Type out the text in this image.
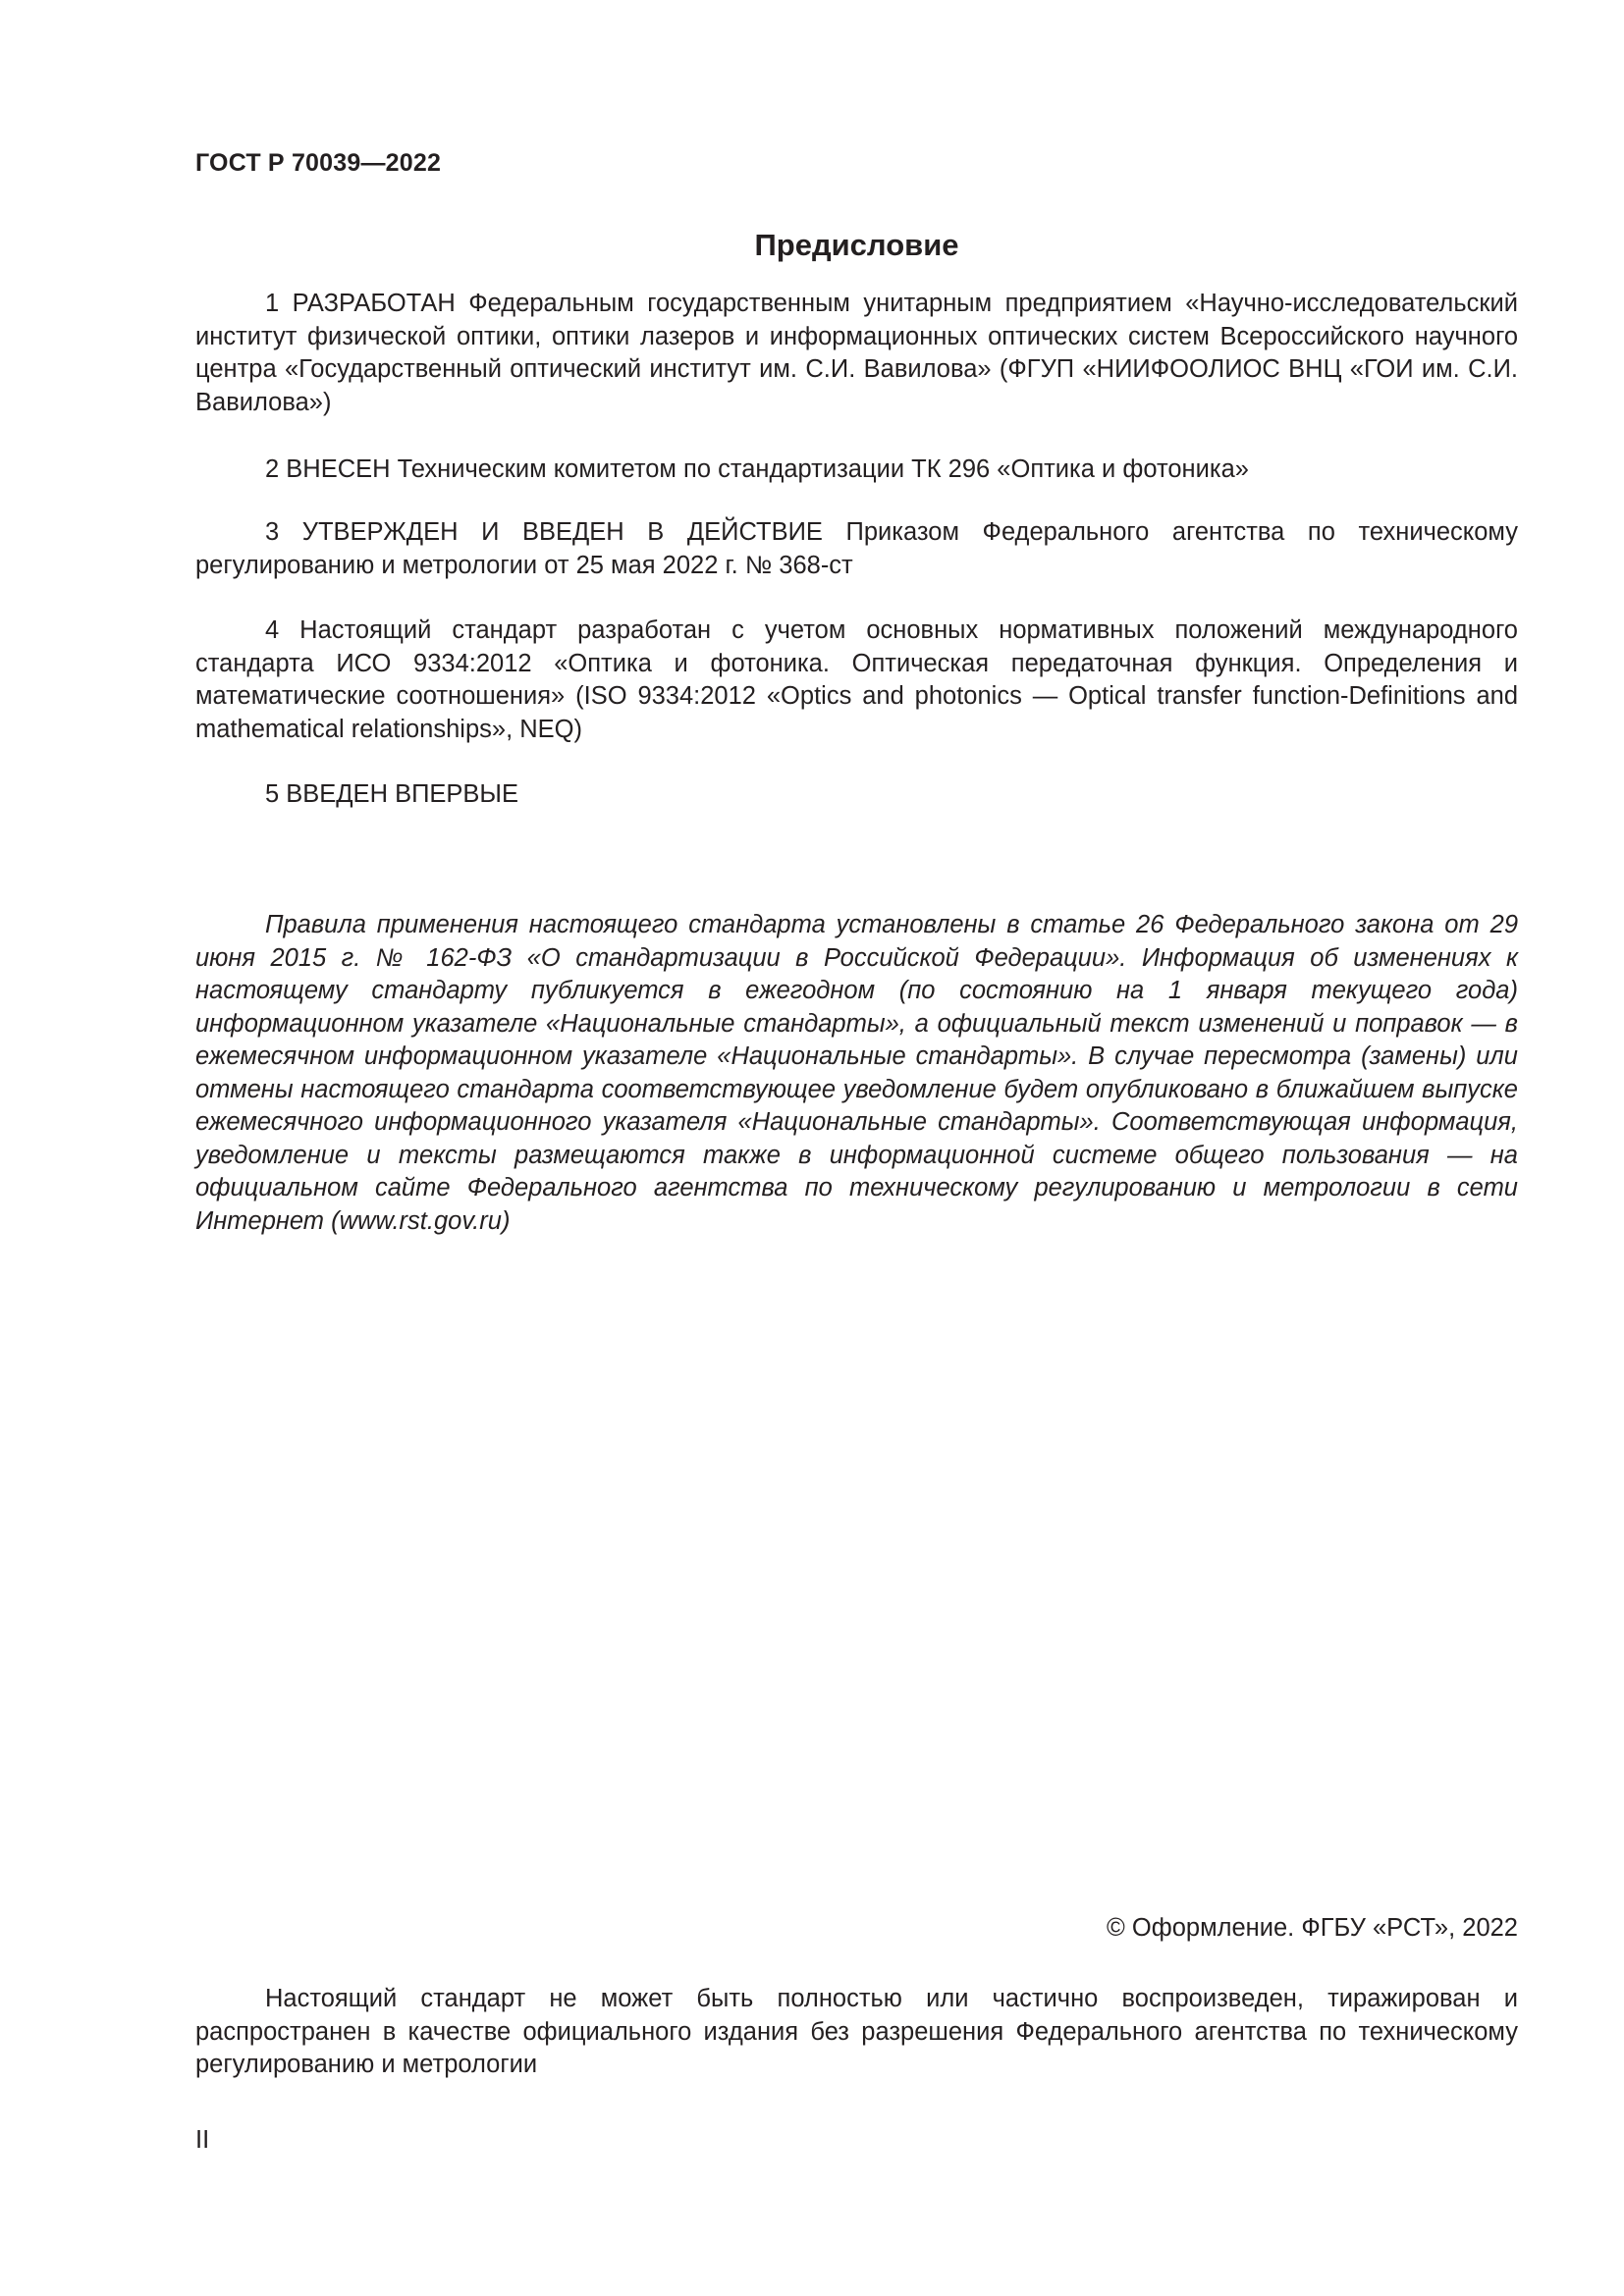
ГОСТ Р 70039—2022
Предисловие

1 РАЗРАБОТАН Федеральным государственным унитарным предприятием «Научно-исследовательский институт физической оптики, оптики лазеров и информационных оптических систем Всероссийского научного центра «Государственный оптический институт им. С.И. Вавилова» (ФГУП «НИИФООЛИОС ВНЦ «ГОИ им. С.И. Вавилова»)

2 ВНЕСЕН Техническим комитетом по стандартизации ТК 296 «Оптика и фотоника»

3 УТВЕРЖДЕН И ВВЕДЕН В ДЕЙСТВИЕ Приказом Федерального агентства по техническому регулированию и метрологии от 25 мая 2022 г. № 368-ст

4 Настоящий стандарт разработан с учетом основных нормативных положений международного стандарта ИСО 9334:2012 «Оптика и фотоника. Оптическая передаточная функция. Определения и математические соотношения» (ISO 9334:2012 «Optics and photonics — Optical transfer function-Definitions and mathematical relationships», NEQ)

5 ВВЕДЕН ВПЕРВЫЕ

Правила применения настоящего стандарта установлены в статье 26 Федерального закона от 29 июня 2015 г. № 162-ФЗ «О стандартизации в Российской Федерации». Информация об изменениях к настоящему стандарту публикуется в ежегодном (по состоянию на 1 января текущего года) информационном указателе «Национальные стандарты», а официальный текст изменений и поправок — в ежемесячном информационном указателе «Национальные стандарты». В случае пересмотра (замены) или отмены настоящего стандарта соответствующее уведомление будет опубликовано в ближайшем выпуске ежемесячного информационного указателя «Национальные стандарты». Соответствующая информация, уведомление и тексты размещаются также в информационной системе общего пользования — на официальном сайте Федерального агентства по техническому регулированию и метрологии в сети Интернет (www.rst.gov.ru)

© Оформление. ФГБУ «РСТ», 2022

Настоящий стандарт не может быть полностью или частично воспроизведен, тиражирован и распространен в качестве официального издания без разрешения Федерального агентства по техническому регулированию и метрологии

II
